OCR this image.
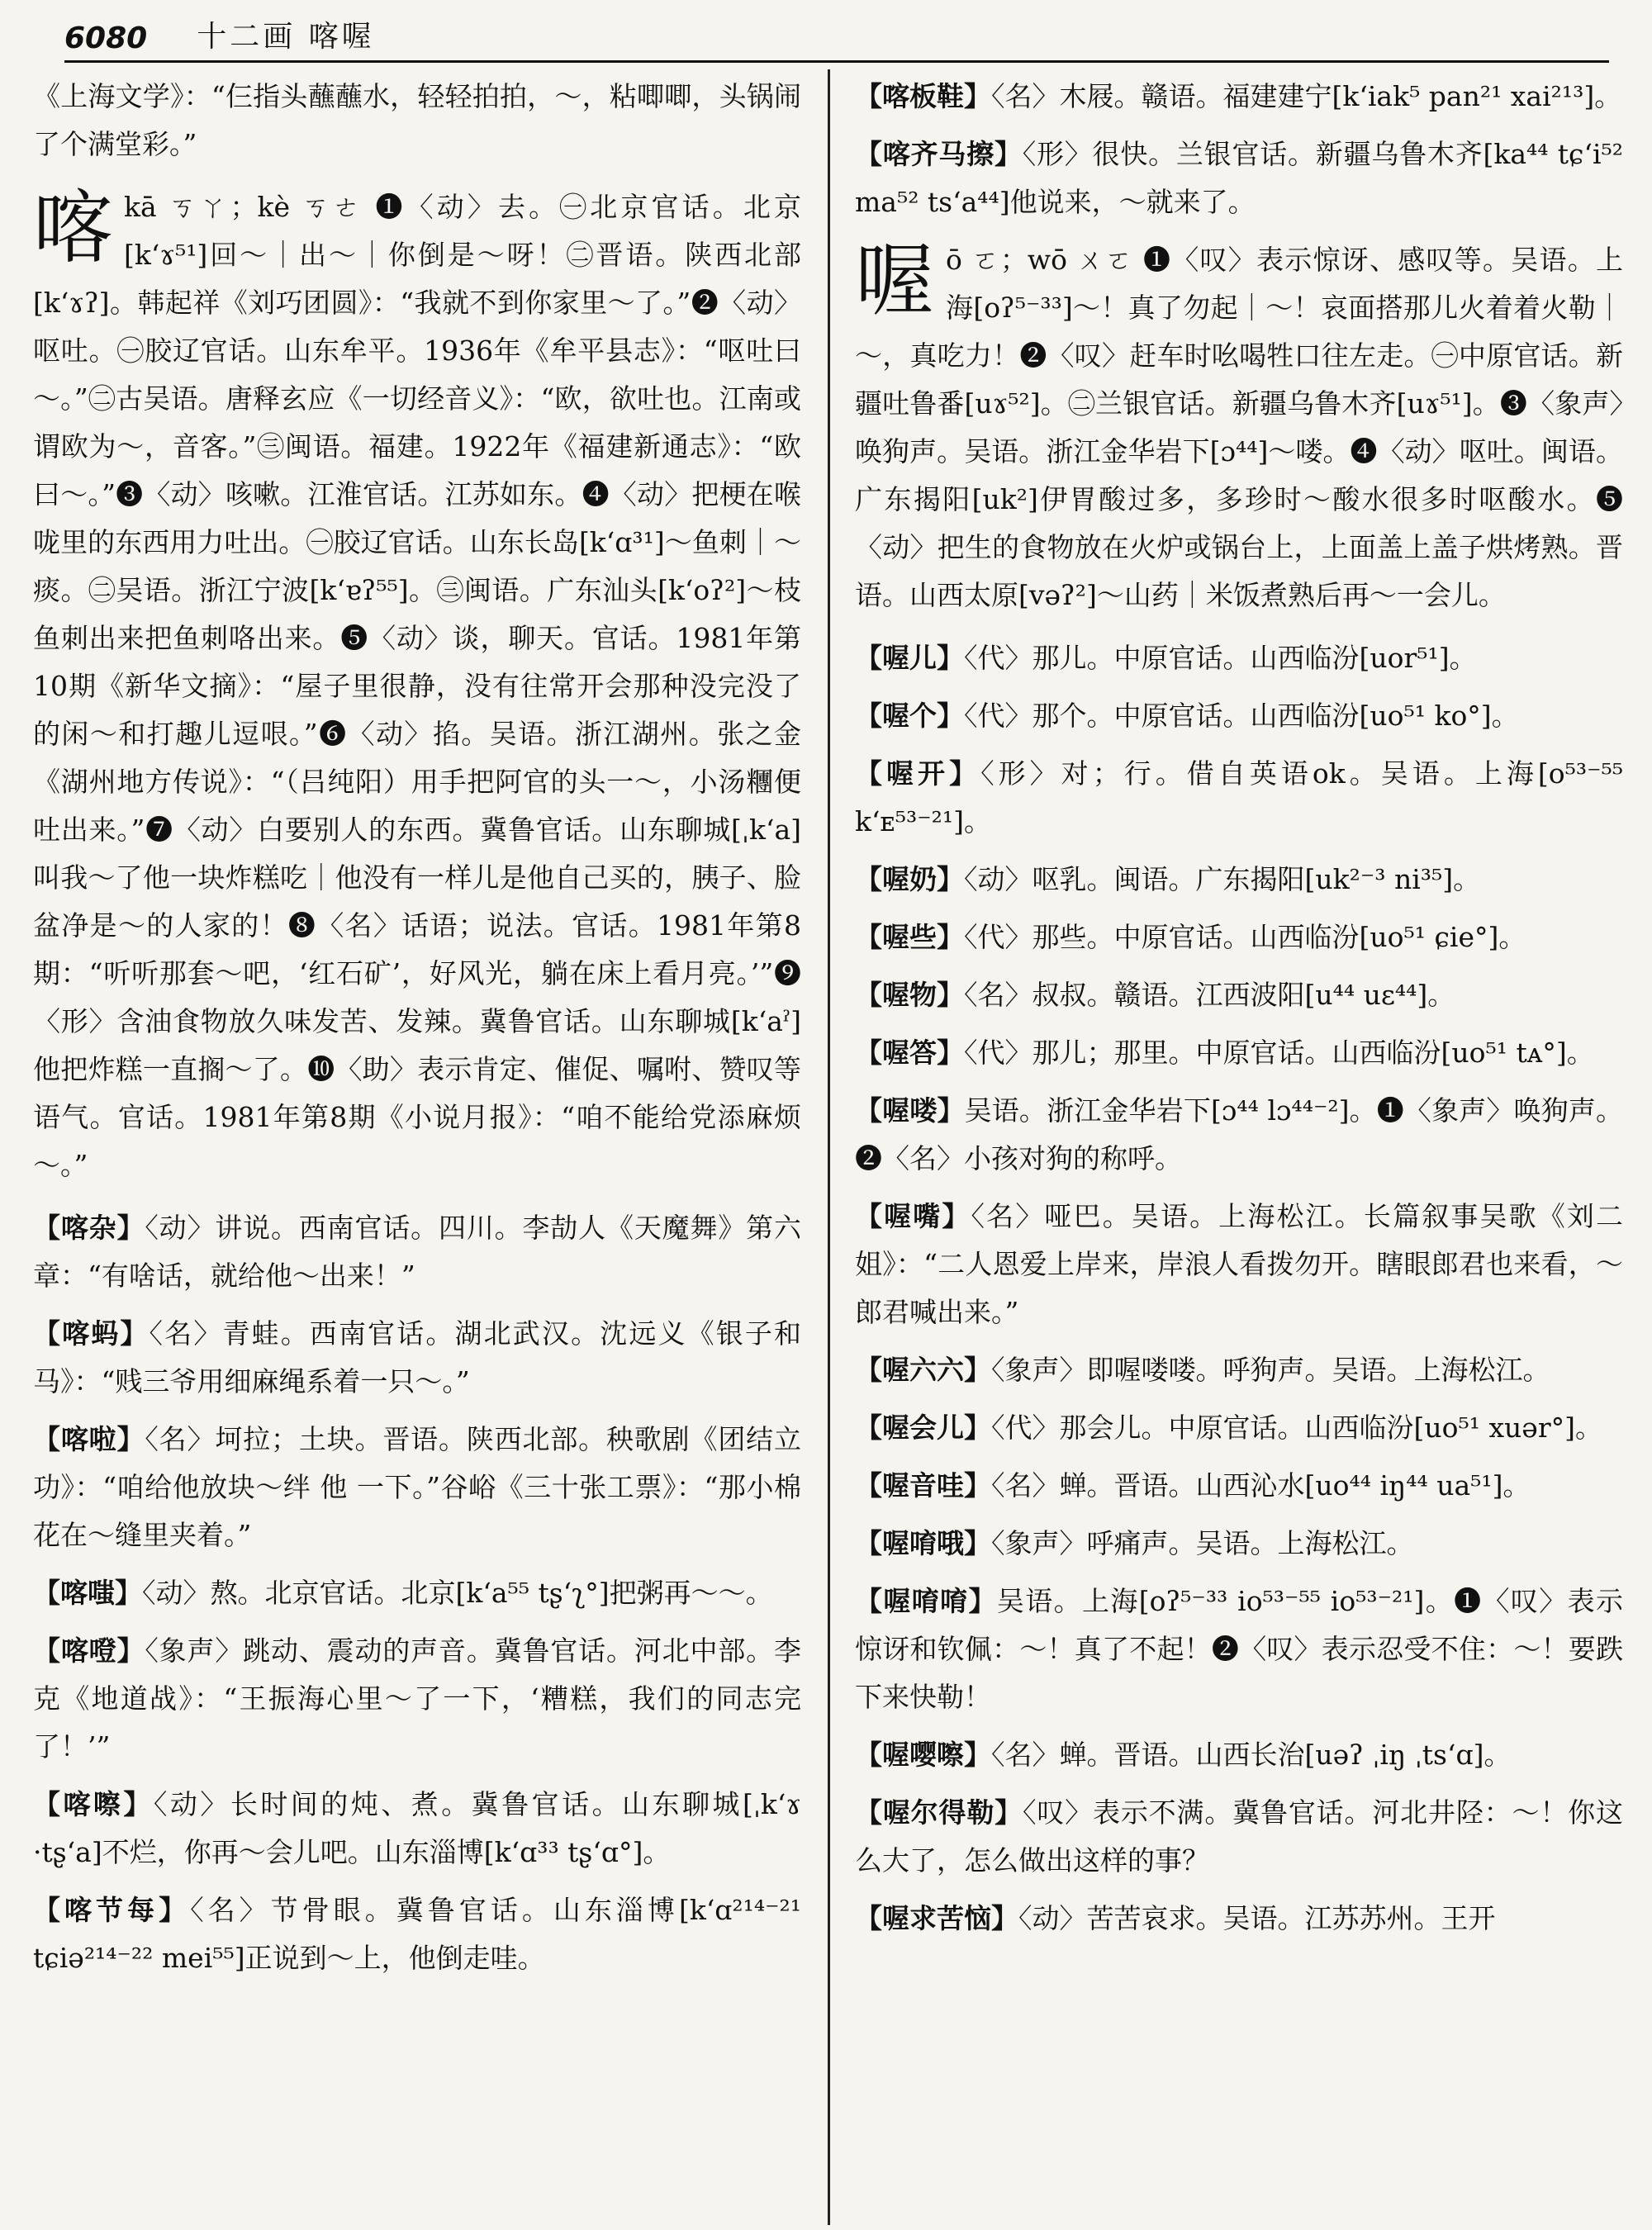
6080 十二画 喀喔
《上海文学》：“仨指头蘸蘸水，轻轻拍拍，～，粘唧唧，头锅闹了个满堂彩。”
喀 kā ㄎㄚ；kè ㄎㄜ ❶〈动〉去。㊀北京官话。北京[kʻɤ⁵¹]回～｜出～｜你倒是～呀！㊁晋语。陕西北部[kʻɤʔ]。韩起祥《刘巧团圆》：“我就不到你家里～了。”❷〈动〉呕吐。㊀胶辽官话。山东牟平。1936年《牟平县志》：“呕吐曰～。”㊁古吴语。唐释玄应《一切经音义》：“欧，欲吐也。江南或谓欧为～，音客。”㊂闽语。福建。1922年《福建新通志》：“欧曰～。”❸〈动〉咳嗽。江淮官话。江苏如东。❹〈动〉把梗在喉咙里的东西用力吐出。㊀胶辽官话。山东长岛[kʻɑ³¹]～鱼刺｜～痰。㊁吴语。浙江宁波[kʻɐʔ⁵⁵]。㊂闽语。广东汕头[kʻoʔ²]～枝鱼刺出来把鱼刺咯出来。❺〈动〉谈，聊天。官话。1981年第10期《新华文摘》：“屋子里很静，没有往常开会那种没完没了的闲～和打趣儿逗哏。”❻〈动〉掐。吴语。浙江湖州。张之金《湖州地方传说》：“（吕纯阳）用手把阿官的头一～，小汤糰便吐出来。”❼〈动〉白要别人的东西。冀鲁官话。山东聊城[ˌkʻa]叫我～了他一块炸糕吃｜他没有一样儿是他自己买的，胰子、脸盆净是～的人家的！❽〈名〉话语；说法。官话。1981年第8期：“听听那套～吧，‘红石矿’，好风光，躺在床上看月亮。’”❾〈形〉含油食物放久味发苦、发辣。冀鲁官话。山东聊城[kʻaˀ]他把炸糕一直搁～了。❿〈助〉表示肯定、催促、嘱咐、赞叹等语气。官话。1981年第8期《小说月报》：“咱不能给党添麻烦～。”
【喀杂】〈动〉讲说。西南官话。四川。李劼人《天魔舞》第六章：“有啥话，就给他～出来！”
【喀蚂】〈名〉青蛙。西南官话。湖北武汉。沈远义《银子和马》：“贱三爷用细麻绳系着一只～。”
【喀啦】〈名〉坷拉；土块。晋语。陕西北部。秧歌剧《团结立功》：“咱给他放块～绊 他 一下。”谷峪《三十张工票》：“那小棉花在～缝里夹着。”
【喀嗤】〈动〉熬。北京官话。北京[kʻa⁵⁵ tʂʻʅ°]把粥再～～。
【喀噔】〈象声〉跳动、震动的声音。冀鲁官话。河北中部。李克《地道战》：“王振海心里～了一下，‘糟糕，我们的同志完了！’”
【喀嚓】〈动〉长时间的炖、煮。冀鲁官话。山东聊城[ˌkʻɤ ·tʂʻa]不烂，你再～会儿吧。山东淄博[kʻɑ³³ tʂʻɑ°]。
【喀节每】〈名〉节骨眼。冀鲁官话。山东淄博[kʻɑ²¹⁴⁻²¹ tɕiə²¹⁴⁻²² mei⁵⁵]正说到～上，他倒走哇。
【喀板鞋】〈名〉木屐。赣语。福建建宁[kʻiak⁵ pan²¹ xai²¹³]。
【喀齐马擦】〈形〉很快。兰银官话。新疆乌鲁木齐[ka⁴⁴ tɕʻi⁵² ma⁵² tsʻa⁴⁴]他说来，～就来了。
喔 ō ㄛ；wō ㄨㄛ ❶〈叹〉表示惊讶、感叹等。吴语。上海[oʔ⁵⁻³³]～！真了勿起｜～！哀面搭那儿火着着火勒｜～，真吃力！❷〈叹〉赶车时吆喝牲口往左走。㊀中原官话。新疆吐鲁番[uɤ⁵²]。㊁兰银官话。新疆乌鲁木齐[uɤ⁵¹]。❸〈象声〉唤狗声。吴语。浙江金华岩下[ɔ⁴⁴]～喽。❹〈动〉呕吐。闽语。广东揭阳[uk²]伊胃酸过多，多珍时～酸水很多时呕酸水。❺〈动〉把生的食物放在火炉或锅台上，上面盖上盖子烘烤熟。晋语。山西太原[vəʔ²]～山药｜米饭煮熟后再～一会儿。
【喔儿】〈代〉那儿。中原官话。山西临汾[uor⁵¹]。
【喔个】〈代〉那个。中原官话。山西临汾[uo⁵¹ ko°]。
【喔开】〈形〉对；行。借自英语ok。吴语。上海[o⁵³⁻⁵⁵ kʻᴇ⁵³⁻²¹]。
【喔奶】〈动〉呕乳。闽语。广东揭阳[uk²⁻³ ni³⁵]。
【喔些】〈代〉那些。中原官话。山西临汾[uo⁵¹ ɕie°]。
【喔物】〈名〉叔叔。赣语。江西波阳[u⁴⁴ uɛ⁴⁴]。
【喔答】〈代〉那儿；那里。中原官话。山西临汾[uo⁵¹ tᴀ°]。
【喔喽】吴语。浙江金华岩下[ɔ⁴⁴ lɔ⁴⁴⁻²]。❶〈象声〉唤狗声。❷〈名〉小孩对狗的称呼。
【喔嘴】〈名〉哑巴。吴语。上海松江。长篇叙事吴歌《刘二姐》：“二人恩爱上岸来，岸浪人看拨勿开。瞎眼郎君也来看，～郎君喊出来。”
【喔六六】〈象声〉即喔喽喽。呼狗声。吴语。上海松江。
【喔会儿】〈代〉那会儿。中原官话。山西临汾[uo⁵¹ xuər°]。
【喔音哇】〈名〉蝉。晋语。山西沁水[uo⁴⁴ iŋ⁴⁴ ua⁵¹]。
【喔唷哦】〈象声〉呼痛声。吴语。上海松江。
【喔唷唷】吴语。上海[oʔ⁵⁻³³ io⁵³⁻⁵⁵ io⁵³⁻²¹]。❶〈叹〉表示惊讶和钦佩：～！真了不起！❷〈叹〉表示忍受不住：～！要跌下来快勒！
【喔嘤嚓】〈名〉蝉。晋语。山西长治[uəʔ ˌiŋ ˌtsʻɑ]。
【喔尔得勒】〈叹〉表示不满。冀鲁官话。河北井陉：～！你这么大了，怎么做出这样的事？
【喔求苦恼】〈动〉苦苦哀求。吴语。江苏苏州。王开
